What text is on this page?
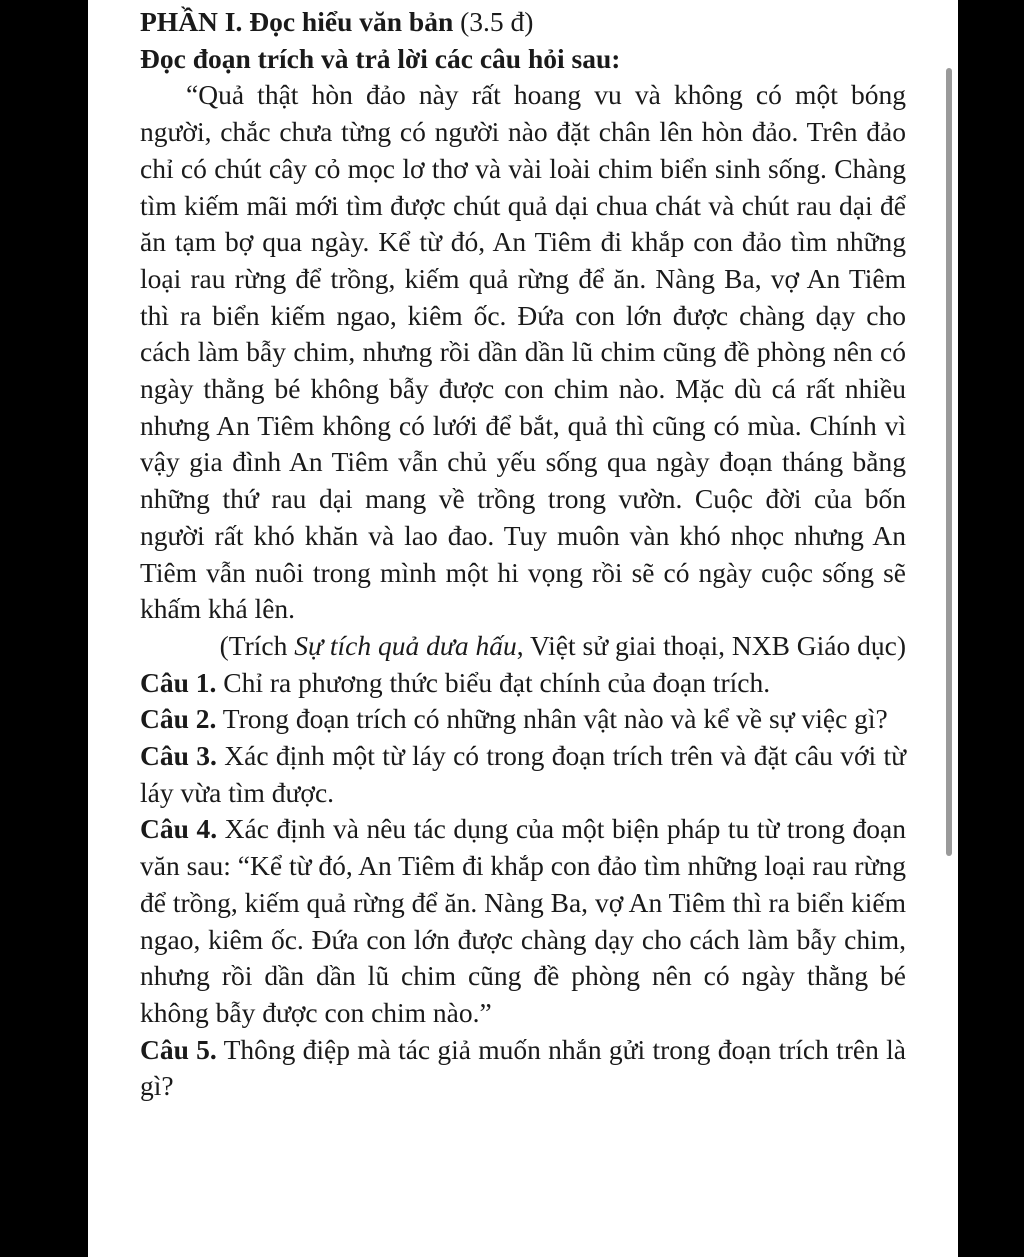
PHẦN I. Đọc hiểu văn bản (3.5 đ)

Đọc đoạn trích và trả lời các câu hỏi sau:

“Quả thật hòn đảo này rất hoang vu và không có một bóng người, chắc chưa từng có người nào đặt chân lên hòn đảo. Trên đảo chỉ có chút cây cỏ mọc lơ thơ và vài loài chim biển sinh sống. Chàng tìm kiếm mãi mới tìm được chút quả dại chua chát và chút rau dại để ăn tạm bợ qua ngày. Kể từ đó, An Tiêm đi khắp con đảo tìm những loại rau rừng để trồng, kiếm quả rừng để ăn. Nàng Ba, vợ An Tiêm thì ra biển kiếm ngao, kiêm ốc. Đứa con lớn được chàng dạy cho cách làm bẫy chim, nhưng rồi dần dần lũ chim cũng đề phòng nên có ngày thằng bé không bẫy được con chim nào. Mặc dù cá rất nhiều nhưng An Tiêm không có lưới để bắt, quả thì cũng có mùa. Chính vì vậy gia đình An Tiêm vẫn chủ yếu sống qua ngày đoạn tháng bằng những thứ rau dại mang về trồng trong vườn. Cuộc đời của bốn người rất khó khăn và lao đao. Tuy muôn vàn khó nhọc nhưng An Tiêm vẫn nuôi trong mình một hi vọng rồi sẽ có ngày cuộc sống sẽ khấm khá lên.

(Trích Sự tích quả dưa hấu, Việt sử giai thoại, NXB Giáo dục)

Câu 1. Chỉ ra phương thức biểu đạt chính của đoạn trích.

Câu 2. Trong đoạn trích có những nhân vật nào và kể về sự việc gì?

Câu 3. Xác định một từ láy có trong đoạn trích trên và đặt câu với từ láy vừa tìm được.

Câu 4. Xác định và nêu tác dụng của một biện pháp tu từ trong đoạn văn sau: “Kể từ đó, An Tiêm đi khắp con đảo tìm những loại rau rừng để trồng, kiếm quả rừng để ăn. Nàng Ba, vợ An Tiêm thì ra biển kiếm ngao, kiêm ốc. Đứa con lớn được chàng dạy cho cách làm bẫy chim, nhưng rồi dần dần lũ chim cũng đề phòng nên có ngày thằng bé không bẫy được con chim nào.”

Câu 5. Thông điệp mà tác giả muốn nhắn gửi trong đoạn trích trên là gì?
